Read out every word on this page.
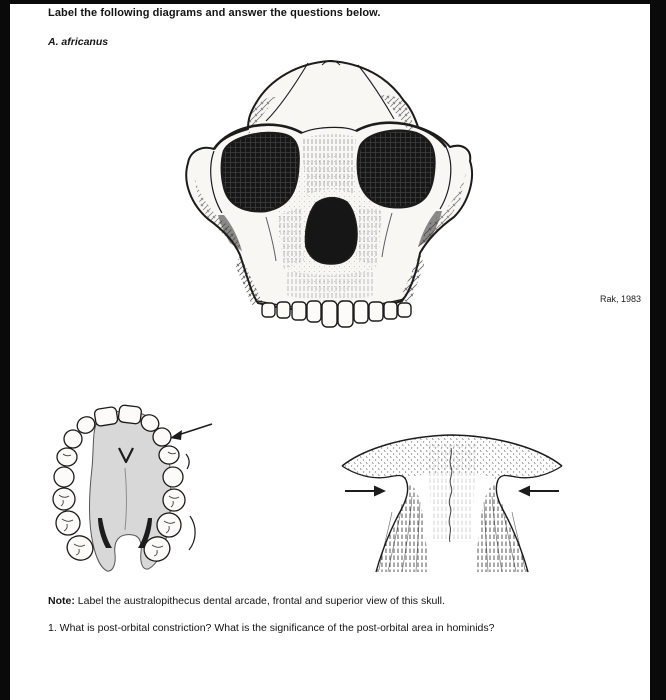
Label the following diagrams and answer the questions below.
A. africanus
Rak, 1983
Note: Label the australopithecus dental arcade, frontal and superior view of this skull.
1. What is post-orbital constriction? What is the significance of the post-orbital area in hominids?
